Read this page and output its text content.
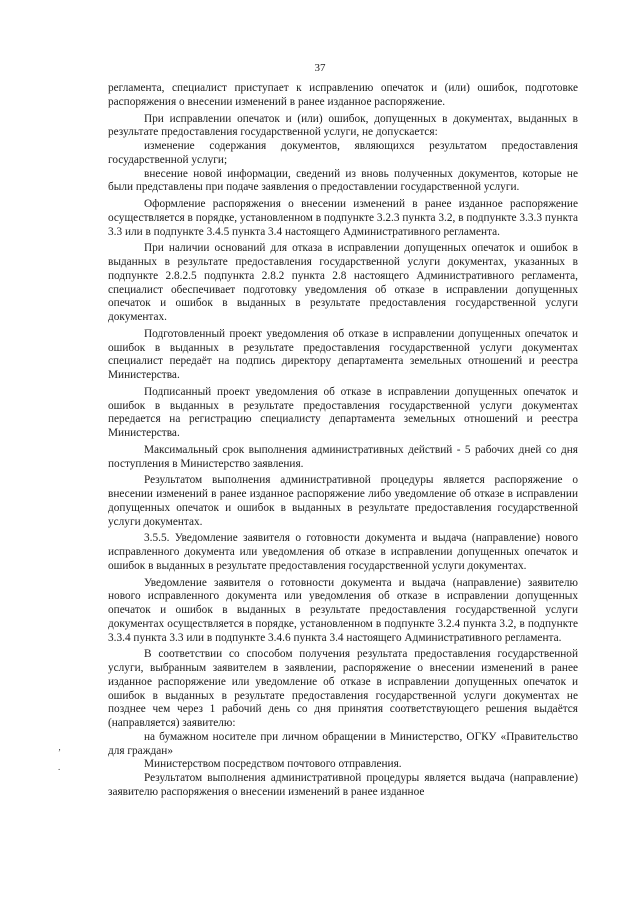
37
‚
.

регламента, специалист приступает к исправлению опечаток и (или) ошибок, подготовке распоряжения о внесении изменений в ранее изданное распоряжение.

При исправлении опечаток и (или) ошибок, допущенных в документах, выданных в результате предоставления государственной услуги, не допускается:

изменение содержания документов, являющихся результатом предоставления государственной услуги;

внесение новой информации, сведений из вновь полученных документов, которые не были представлены при подаче заявления о предоставлении государственной услуги.

Оформление распоряжения о внесении изменений в ранее изданное распоряжение осуществляется в порядке, установленном в подпункте 3.2.3 пункта 3.2, в подпункте 3.3.3 пункта 3.3 или в подпункте 3.4.5 пункта 3.4 настоящего Административного регламента.

При наличии оснований для отказа в исправлении допущенных опечаток и ошибок в выданных в результате предоставления государственной услуги документах, указанных в подпункте 2.8.2.5 подпункта 2.8.2 пункта 2.8 настоящего Административного регламента, специалист обеспечивает подготовку уведомления об отказе в исправлении допущенных опечаток и ошибок в выданных в результате предоставления государственной услуги документах.

Подготовленный проект уведомления об отказе в исправлении допущенных опечаток и ошибок в выданных в результате предоставления государственной услуги документах специалист передаёт на подпись директору департамента земельных отношений и реестра Министерства.

Подписанный проект уведомления об отказе в исправлении допущенных опечаток и ошибок в выданных в результате предоставления государственной услуги документах передается на регистрацию специалисту департамента земельных отношений и реестра Министерства.

Максимальный срок выполнения административных действий - 5 рабочих дней со дня поступления в Министерство заявления.

Результатом выполнения административной процедуры является распоряжение о внесении изменений в ранее изданное распоряжение либо уведомление об отказе в исправлении допущенных опечаток и ошибок в выданных в результате предоставления государственной услуги документах.

3.5.5. Уведомление заявителя о готовности документа и выдача (направление) нового исправленного документа или уведомления об отказе в исправлении допущенных опечаток и ошибок в выданных в результате предоставления государственной услуги документах.

Уведомление заявителя о готовности документа и выдача (направление) заявителю нового исправленного документа или уведомления об отказе в исправлении допущенных опечаток и ошибок в выданных в результате предоставления государственной услуги документах осуществляется в порядке, установленном в подпункте 3.2.4 пункта 3.2, в подпункте 3.3.4 пункта 3.3 или в подпункте 3.4.6 пункта 3.4 настоящего Административного регламента.

В соответствии со способом получения результата предоставления государственной услуги, выбранным заявителем в заявлении, распоряжение о внесении изменений в ранее изданное распоряжение или уведомление об отказе в исправлении допущенных опечаток и ошибок в выданных в результате предоставления государственной услуги документах не позднее чем через 1 рабочий день со дня принятия соответствующего решения выдаётся (направляется) заявителю:

на бумажном носителе при личном обращении в Министерство, ОГКУ «Правительство для граждан»

Министерством посредством почтового отправления.

Результатом выполнения административной процедуры является выдача (направление) заявителю распоряжения о внесении изменений в ранее изданное
